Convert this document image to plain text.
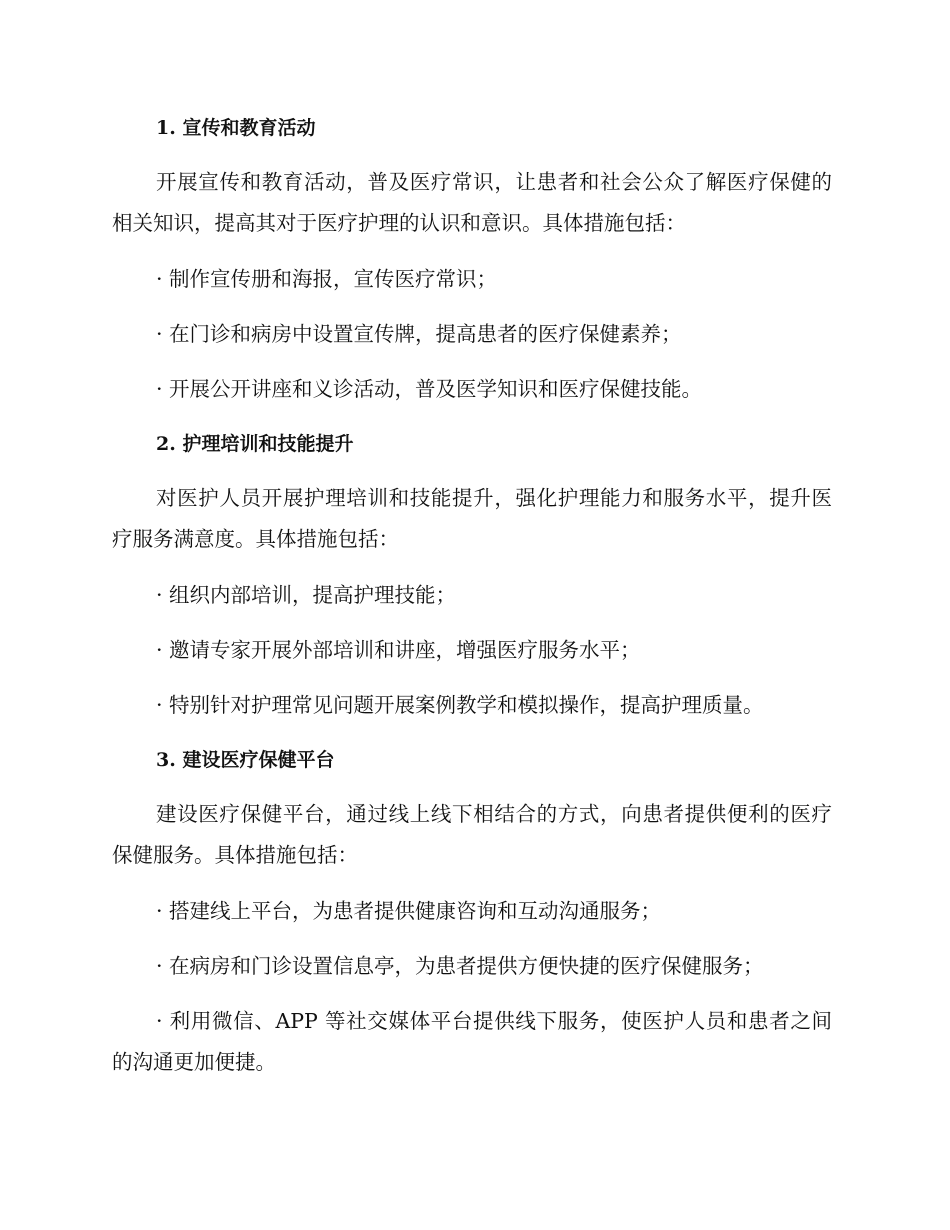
1. 宣传和教育活动
开展宣传和教育活动，普及医疗常识，让患者和社会公众了解医疗保健的相关知识，提高其对于医疗护理的认识和意识。具体措施包括：
· 制作宣传册和海报，宣传医疗常识；
· 在门诊和病房中设置宣传牌，提高患者的医疗保健素养；
· 开展公开讲座和义诊活动，普及医学知识和医疗保健技能。
2. 护理培训和技能提升
对医护人员开展护理培训和技能提升，强化护理能力和服务水平，提升医疗服务满意度。具体措施包括：
· 组织内部培训，提高护理技能；
· 邀请专家开展外部培训和讲座，增强医疗服务水平；
· 特别针对护理常见问题开展案例教学和模拟操作，提高护理质量。
3. 建设医疗保健平台
建设医疗保健平台，通过线上线下相结合的方式，向患者提供便利的医疗保健服务。具体措施包括：
· 搭建线上平台，为患者提供健康咨询和互动沟通服务；
· 在病房和门诊设置信息亭，为患者提供方便快捷的医疗保健服务；
· 利用微信、APP 等社交媒体平台提供线下服务，使医护人员和患者之间的沟通更加便捷。
